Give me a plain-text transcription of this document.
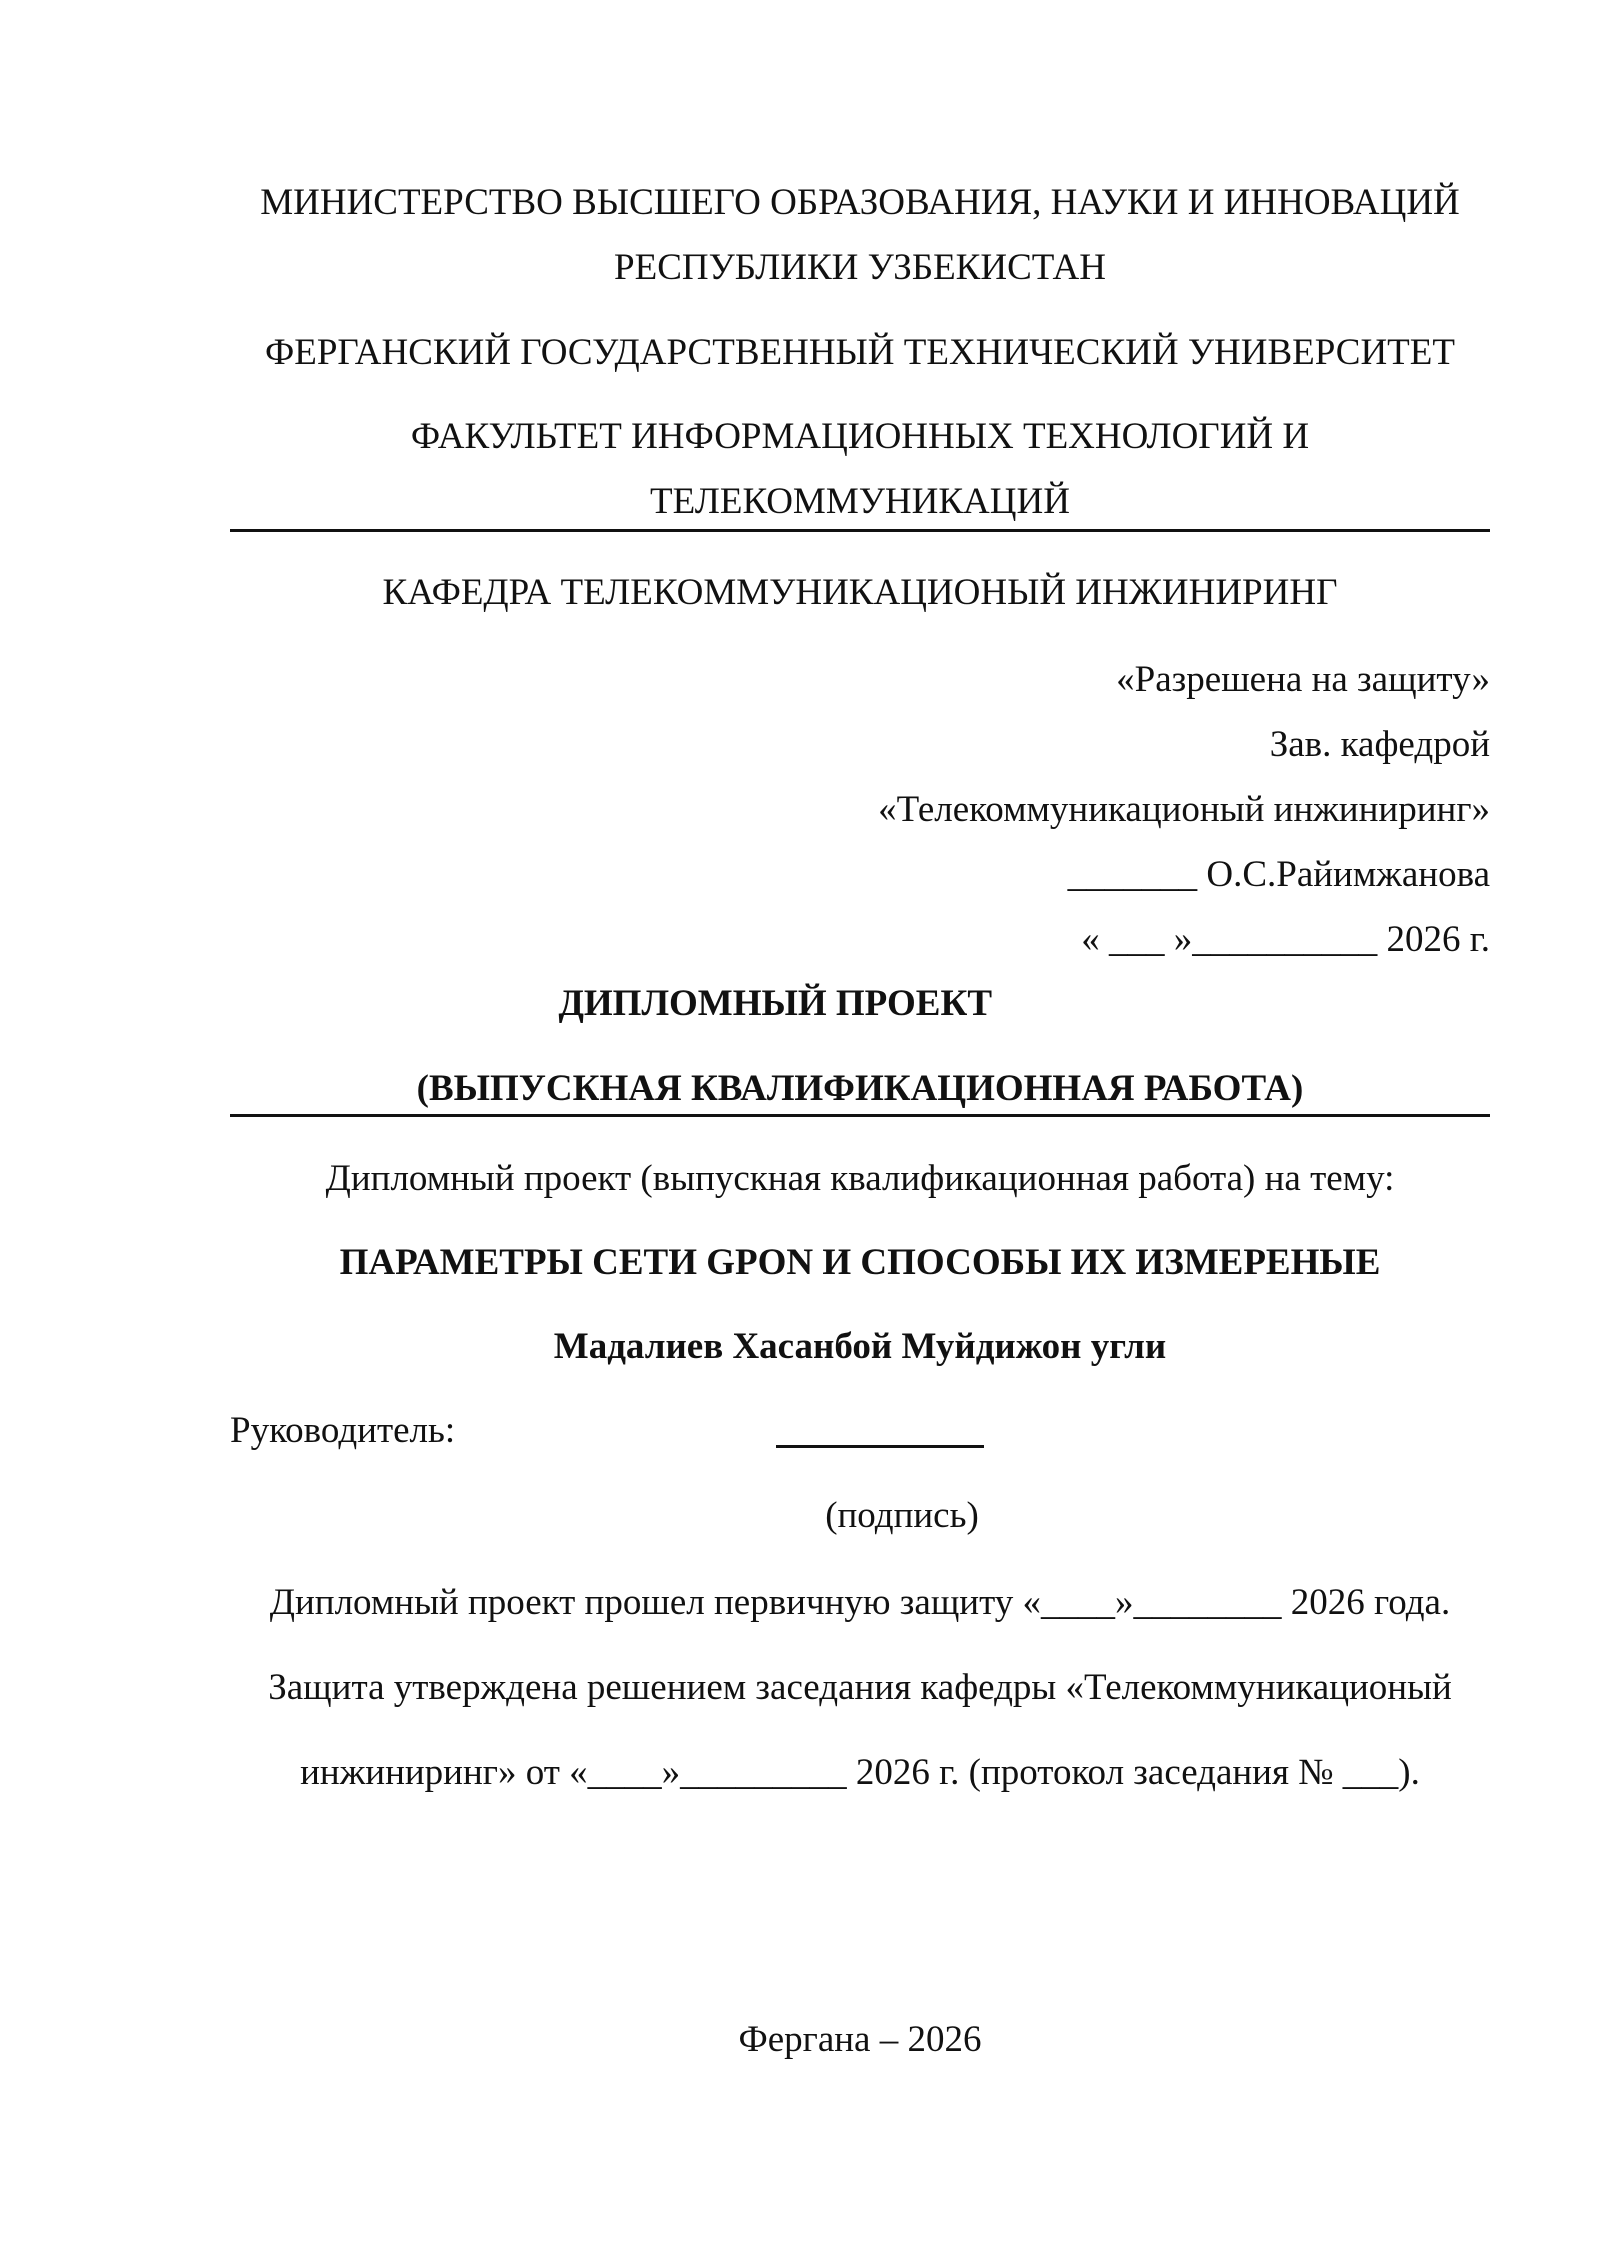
МИНИСТЕРСТВО ВЫСШЕГО ОБРАЗОВАНИЯ, НАУКИ И ИННОВАЦИЙ
РЕСПУБЛИКИ УЗБЕКИСТАН
ФЕРГАНСКИЙ ГОСУДАРСТВЕННЫЙ ТЕХНИЧЕСКИЙ УНИВЕРСИТЕТ
ФАКУЛЬТЕТ ИНФОРМАЦИОННЫХ ТЕХНОЛОГИЙ И
ТЕЛЕКОММУНИКАЦИЙ
КАФЕДРА ТЕЛЕКОММУНИКАЦИОНЫЙ ИНЖИНИРИНГ
«Разрешена на защиту»
Зав. кафедрой
«Телекоммуникационый инжиниринг»
_______ О.С.Райимжанова
« ___ »__________ 2026 г.
ДИПЛОМНЫЙ ПРОЕКТ
(ВЫПУСКНАЯ КВАЛИФИКАЦИОННАЯ РАБОТА)
Дипломный проект (выпускная квалификационная работа) на тему:
ПАРАМЕТРЫ СЕТИ GPON И СПОСОБЫ ИХ ИЗМЕРЕНЫЕ
Мадалиев Хасанбой Муйдижон угли
Руководитель:
(подпись)
Дипломный проект прошел первичную защиту «____»________ 2026 года.
Защита утверждена решением заседания кафедры «Телекоммуникационый
инжиниринг» от «____»_________ 2026 г. (протокол заседания № ___).
Фергана – 2026
